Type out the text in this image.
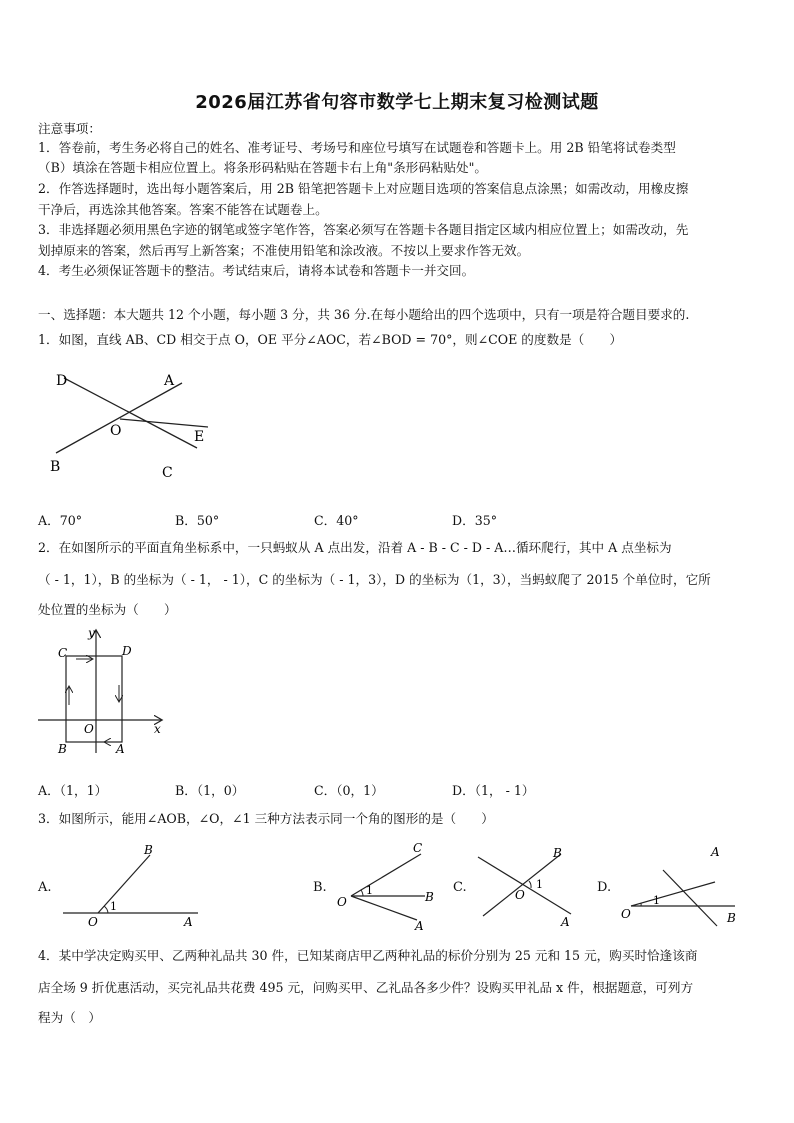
2026届江苏省句容市数学七上期末复习检测试题
注意事项：
1．答卷前，考生务必将自己的姓名、准考证号、考场号和座位号填写在试题卷和答题卡上。用 2B 铅笔将试卷类型
（B）填涂在答题卡相应位置上。将条形码粘贴在答题卡右上角"条形码粘贴处"。
2．作答选择题时，选出每小题答案后，用 2B 铅笔把答题卡上对应题目选项的答案信息点涂黑；如需改动，用橡皮擦
干净后，再选涂其他答案。答案不能答在试题卷上。
3．非选择题必须用黑色字迹的钢笔或签字笔作答，答案必须写在答题卡各题目指定区域内相应位置上；如需改动，先
划掉原来的答案，然后再写上新答案；不准使用铅笔和涂改液。不按以上要求作答无效。
4．考生必须保证答题卡的整洁。考试结束后，请将本试卷和答题卡一并交回。
一、选择题：本大题共 12 个小题，每小题 3 分，共 36 分.在每小题给出的四个选项中，只有一项是符合题目要求的.
1．如图，直线 AB、CD 相交于点 O，OE 平分∠AOC，若∠BOD = 70°，则∠COE 的度数是（　　）
D	A
O	E
B	C
A．70°	B．50°	C．40°	D．35°
2．在如图所示的平面直角坐标系中，一只蚂蚁从 A 点出发，沿着 A - B - C - D - A…循环爬行，其中 A 点坐标为
（ - 1，1），B 的坐标为（ - 1， - 1），C 的坐标为（ - 1，3），D 的坐标为（1，3），当蚂蚁爬了 2015 个单位时，它所
处位置的坐标为（　　）
y
x
O
C	D
B	A
A．（1，1）	B．（1，0）	C．（0，1）	D．（1， - 1）
3．如图所示，能用∠AOB，∠O，∠1 三种方法表示同一个角的图形的是（　　）
A.
B
O	A
1
B.
C
O
1	B
A
C.
B
O
1
A
D.
A
O
1
B
4．某中学决定购买甲、乙两种礼品共 30 件，已知某商店甲乙两种礼品的标价分别为 25 元和 15 元，购买时恰逢该商
店全场 9 折优惠活动，买完礼品共花费 495 元，问购买甲、乙礼品各多少件？设购买甲礼品 x 件，根据题意，可列方
程为（　）
